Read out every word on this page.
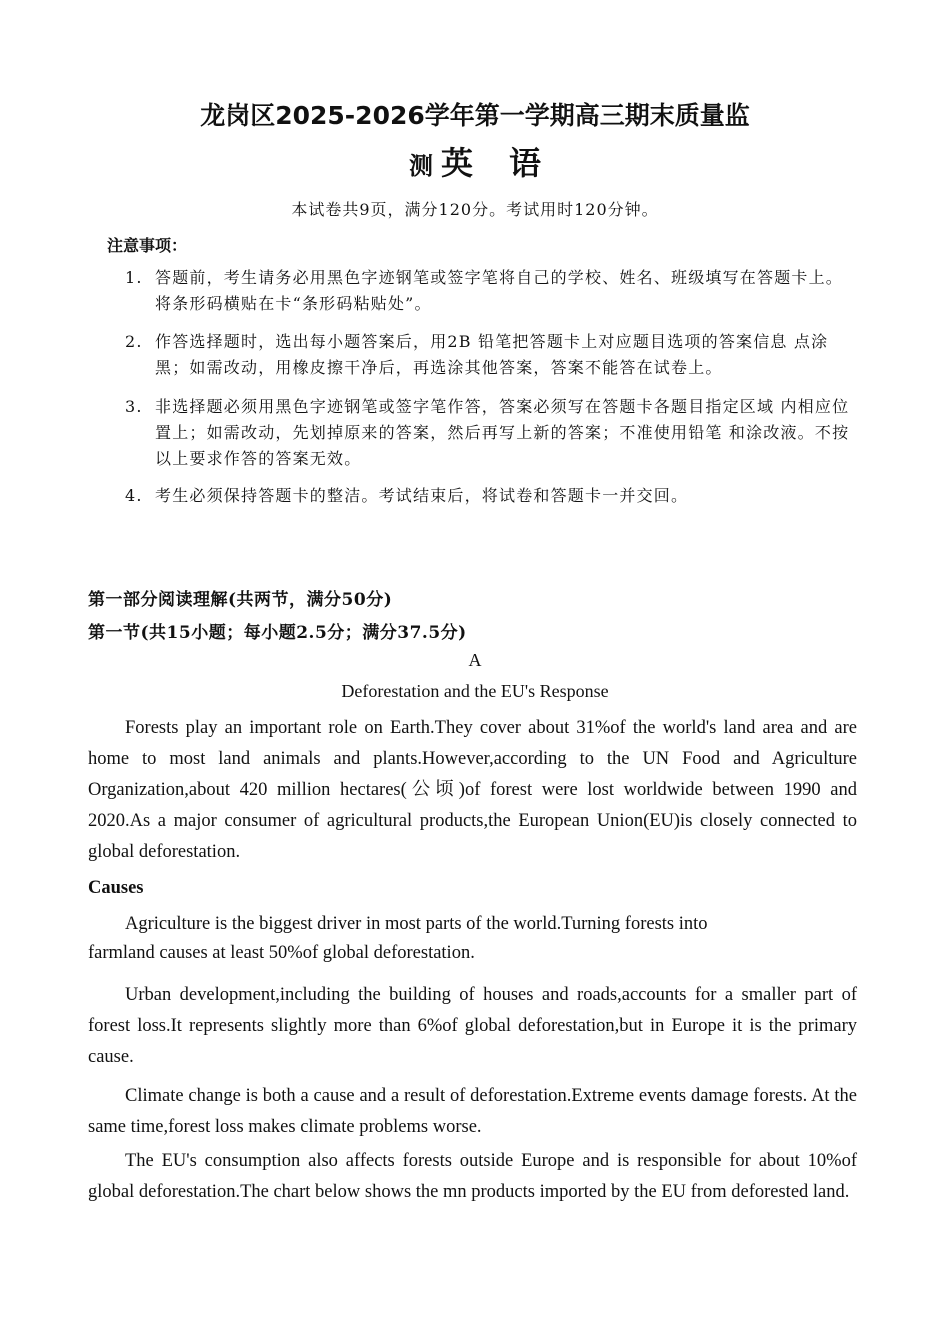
龙岗区2025-2026学年第一学期高三期末质量监
测 英 语
本试卷共9页，满分120分。考试用时120分钟。
注意事项：
1. 答题前，考生请务必用黑色字迹钢笔或签字笔将自己的学校、姓名、班级填写在答题卡上。将条形码横贴在卡“条形码粘贴处”。
2. 作答选择题时，选出每小题答案后，用2B 铅笔把答题卡上对应题目选项的答案信息 点涂黑；如需改动，用橡皮擦干净后，再选涂其他答案，答案不能答在试卷上。
3. 非选择题必须用黑色字迹钢笔或签字笔作答，答案必须写在答题卡各题目指定区域 内相应位置上；如需改动，先划掉原来的答案，然后再写上新的答案；不准使用铅笔 和涂改液。不按以上要求作答的答案无效。
4. 考生必须保持答题卡的整洁。考试结束后，将试卷和答题卡一并交回。
第一部分阅读理解(共两节，满分50分)
第一节(共15小题；每小题2.5分；满分37.5分)
A
Deforestation and the EU's Response
Forests play an important role on Earth.They cover about 31%of the world's land area and are home to most land animals and plants.However,according to the UN Food and Agriculture Organization,about 420 million hectares(公顷)of forest were lost worldwide between 1990 and 2020.As a major consumer of agricultural products,the European Union(EU)is closely connected to global deforestation.
Causes
Agriculture is the biggest driver in most parts of the world.Turning forests into
farmland causes at least 50%of global deforestation.
Urban development,including the building of houses and roads,accounts for a smaller part of forest loss.It represents slightly more than 6%of global deforestation,but in Europe it is the primary cause.
Climate change is both a cause and a result of deforestation.Extreme events damage forests. At the same time,forest loss makes climate problems worse.
The EU's consumption also affects forests outside Europe and is responsible for about 10%of global deforestation.The chart below shows the mn products imported by the EU from deforested land.
